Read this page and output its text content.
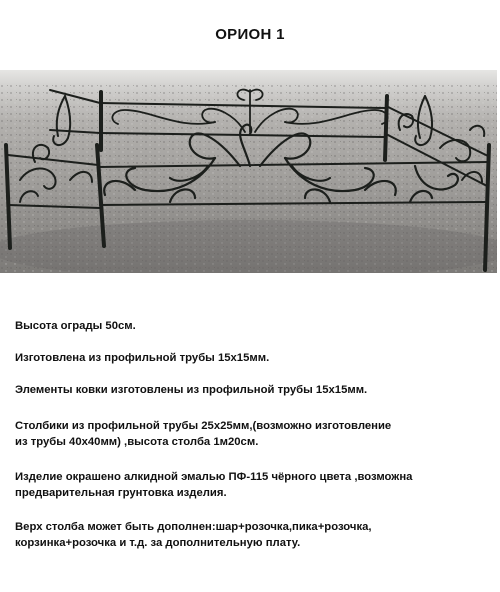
ОРИОН 1

Высота ограды 50см.

Изготовлена из профильной трубы 15х15мм.

Элементы ковки изготовлены из профильной трубы 15х15мм.

Столбики из профильной трубы 25х25мм,(возможно изготовление
из трубы 40х40мм) ,высота столба 1м20см.

Изделие окрашено алкидной эмалью ПФ-115 чёрного цвета ,возможна
предварительная грунтовка изделия.

Верх столба может быть дополнен:шар+розочка,пика+розочка,
корзинка+розочка и т.д. за дополнительную плату.
